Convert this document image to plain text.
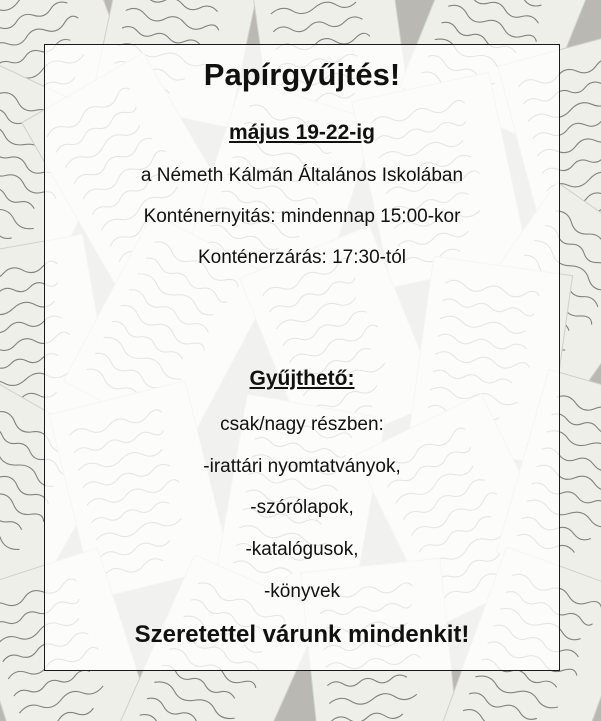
Papírgyűjtés!
május 19-22-ig
a Németh Kálmán Általános Iskolában
Konténernyitás: mindennap 15:00-kor
Konténerzárás: 17:30-tól
Gyűjthető:
csak/nagy részben:
-irattári nyomtatványok,
-szórólapok,
-katalógusok,
-könyvek
Szeretettel várunk mindenkit!
